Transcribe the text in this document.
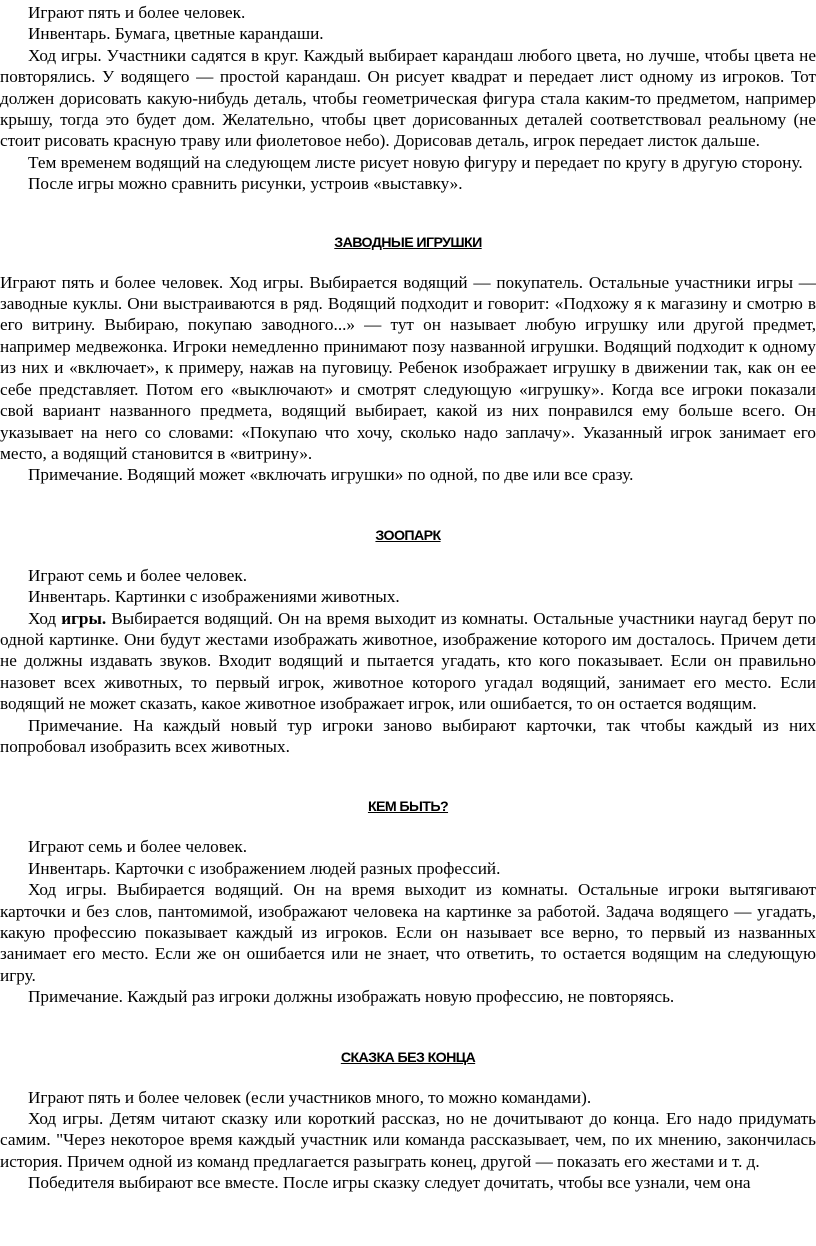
Играют пять и более человек.

Инвентарь. Бумага, цветные карандаши.

Ход игры. Участники садятся в круг. Каждый выбирает карандаш любого цвета, но лучше, чтобы цвета не повторялись. У водящего — простой карандаш. Он рисует квадрат и передает лист одному из игроков. Тот должен дорисовать какую-нибудь деталь, чтобы геометрическая фигура стала каким-то предметом, например крышу, тогда это будет дом. Желательно, чтобы цвет дорисованных деталей соответствовал реальному (не стоит рисовать красную траву или фиолетовое небо). Дорисовав деталь, игрок передает листок дальше.

Тем временем водящий на следующем листе рисует новую фигуру и передает по кругу в другую сторону.

После игры можно сравнить рисунки, устроив «выставку».

ЗАВОДНЫЕ ИГРУШКИ

Играют пять и более человек. Ход игры. Выбирается водящий — покупатель. Остальные участники игры — заводные куклы. Они выстраиваются в ряд. Водящий подходит и говорит: «Подхожу я к магазину и смотрю в его витрину. Выбираю, покупаю заводного...» — тут он называет любую игрушку или другой предмет, например медвежонка. Игроки немедленно принимают позу названной игрушки. Водящий подходит к одному из них и «включает», к примеру, нажав на пуговицу. Ребенок изображает игрушку в движении так, как он ее себе представляет. Потом его «выключают» и смотрят следующую «игрушку». Когда все игроки показали свой вариант названного предмета, водящий выбирает, какой из них понравился ему больше всего. Он указывает на него со словами: «Покупаю что хочу, сколько надо заплачу». Указанный игрок занимает его место, а водящий становится в «витрину».

Примечание. Водящий может «включать игрушки» по одной, по две или все сразу.

ЗООПАРК

Играют семь и более человек.

Инвентарь. Картинки с изображениями животных.

Ход игры. Выбирается водящий. Он на время выходит из комнаты. Остальные участники наугад берут по одной картинке. Они будут жестами изображать животное, изображение которого им досталось. Причем дети не должны издавать звуков. Входит водящий и пытается угадать, кто кого показывает. Если он правильно назовет всех животных, то первый игрок, животное которого угадал водящий, занимает его место. Если водящий не может сказать, какое животное изображает игрок, или ошибается, то он остается водящим.

Примечание. На каждый новый тур игроки заново выбирают карточки, так чтобы каждый из них попробовал изобразить всех животных.

КЕМ БЫТЬ?

Играют семь и более человек.

Инвентарь. Карточки с изображением людей разных профессий.

Ход игры. Выбирается водящий. Он на время выходит из комнаты. Остальные игроки вытягивают карточки и без слов, пантомимой, изображают человека на картинке за работой. Задача водящего — угадать, какую профессию показывает каждый из игроков. Если он называет все верно, то первый из названных занимает его место. Если же он ошибается или не знает, что ответить, то остается водящим на следующую игру.

Примечание. Каждый раз игроки должны изображать новую профессию, не повторяясь.

СКАЗКА БЕЗ КОНЦА

Играют пять и более человек (если участников много, то можно командами).

Ход игры. Детям читают сказку или короткий рассказ, но не дочитывают до конца. Его надо придумать самим. "Через некоторое время каждый участник или команда рассказывает, чем, по их мнению, закончилась история. Причем одной из команд предлагается разыграть конец, другой — показать его жестами и т. д.

Победителя выбирают все вместе. После игры сказку следует дочитать, чтобы все узнали, чем она
